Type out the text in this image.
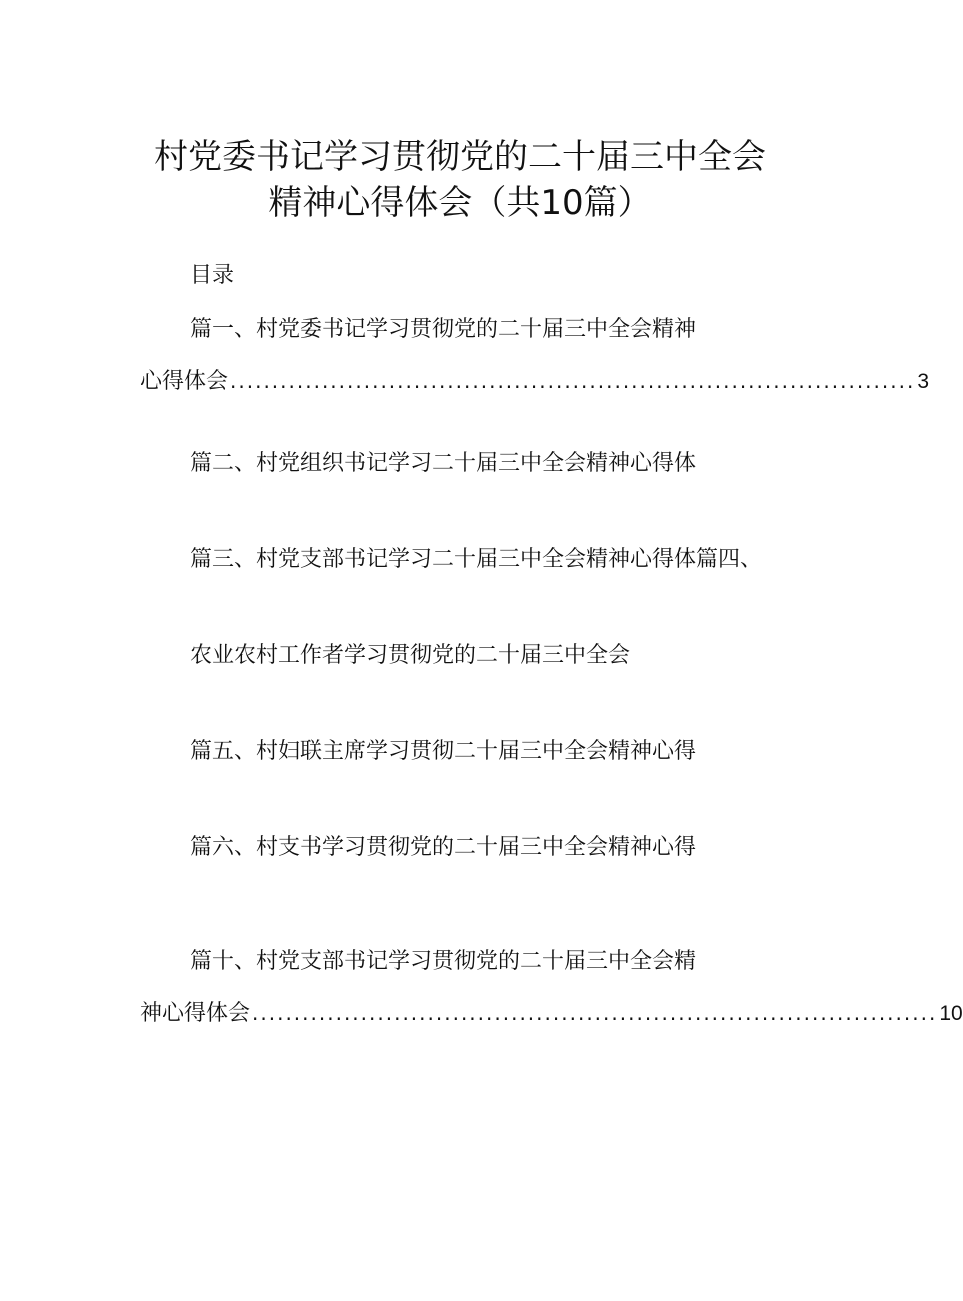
村党委书记学习贯彻党的二十届三中全会
精神心得体会（共10篇）
目录
篇一、村党委书记学习贯彻党的二十届三中全会精神
心得体会 .................................................................................. 3
篇二、村党组织书记学习二十届三中全会精神心得体
篇三、村党支部书记学习二十届三中全会精神心得体篇四、
农业农村工作者学习贯彻党的二十届三中全会
篇五、村妇联主席学习贯彻二十届三中全会精神心得
篇六、村支书学习贯彻党的二十届三中全会精神心得
篇十、村党支部书记学习贯彻党的二十届三中全会精
神心得体会 .................................................................................. 10
